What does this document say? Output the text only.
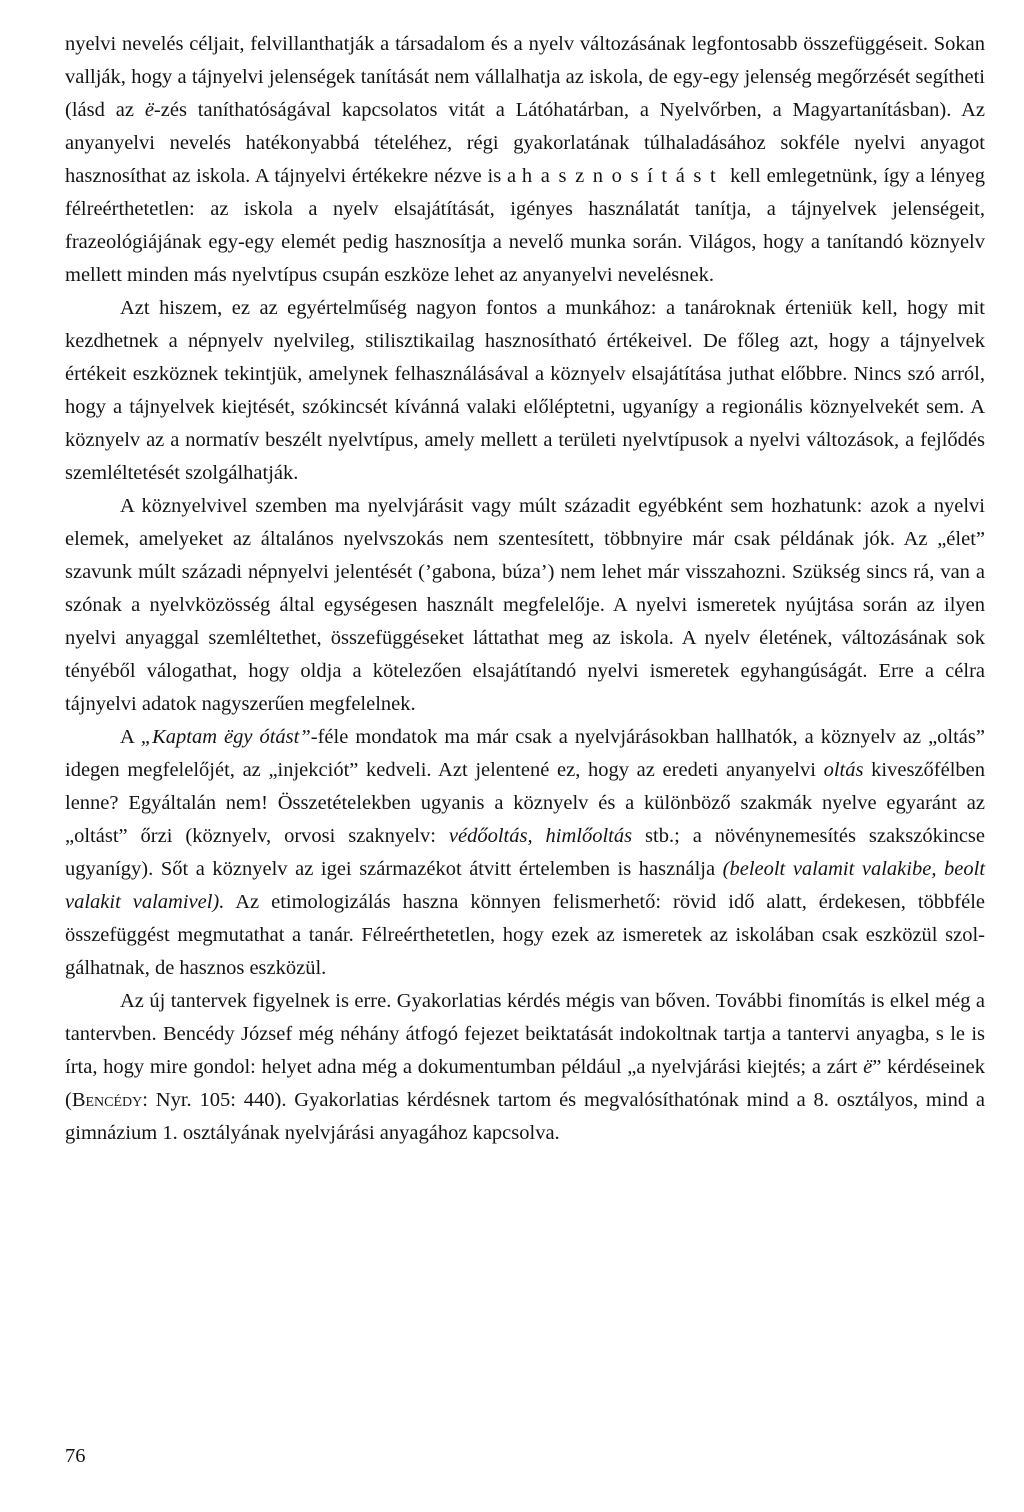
nyelvi nevelés céljait, felvillanthatják a társadalom és a nyelv változásának legfontosabb összefüggéseit. Sokan vallják, hogy a tájnyelvi jelenségek tanítását nem vállalhatja az iskola, de egy-egy jelenség megőrzését segítheti (lásd az ë-zés taníthatóságával kapcsolatos vitát a Látóhatárban, a Nyelvőrben, a Magyartanításban). Az anyanyelvi nevelés hatékonyabbá tételéhez, régi gyakorlatának túlhaladásához sokféle nyelvi anyagot hasznosíthat az iskola. A tájnyelvi értékekre nézve is a hasznosítást kell emlegetnünk, így a lényeg félreérthetetlen: az iskola a nyelv elsajátítását, igényes használatát tanítja, a tájnyelvek jelenségeit, frazeológiájának egy-egy elemét pedig hasznosítja a nevelő munka során. Világos, hogy a tanítandó köznyelv mellett minden más nyelvtípus csupán eszköze lehet az anyanyelvi nevelésnek.

Azt hiszem, ez az egyértelműség nagyon fontos a munkához: a tanároknak érteniük kell, hogy mit kezdhetnek a népnyelv nyelvileg, stilisztikailag hasznosítható értékeivel. De főleg azt, hogy a tájnyelvek értékeit eszköznek tekintjük, amelynek felhasználásával a köznyelv elsajátítása juthat előbbre. Nincs szó arról, hogy a tájnyelvek kiejtését, szókincsét kívánná valaki előléptetni, ugyanígy a regionális köznyelvekét sem. A köznyelv az a normatív beszélt nyelvtípus, amely mellett a területi nyelvtípusok a nyelvi változások, a fejlődés szemléltetését szolgálhatják.

A köznyelvivel szemben ma nyelvjárásit vagy múlt századit egyébként sem hozhatunk: azok a nyelvi elemek, amelyeket az általános nyelvszokás nem szentesített, többnyire már csak példának jók. Az „élet” szavunk múlt századi népnyelvi jelentését (’gabona, búza’) nem lehet már visszahozni. Szükség sincs rá, van a szónak a nyelvközösség által egységesen használt megfelelője. A nyelvi ismeretek nyújtása során az ilyen nyelvi anyaggal szemléltethet, összefüggéseket láttathat meg az iskola. A nyelv életének, változásának sok tényéből válogathat, hogy oldja a kötelezően elsajátítandó nyelvi ismeretek egyhangúságát. Erre a célra tájnyelvi adatok nagyszerűen megfelelnek.

A „Kaptam ëgy ótást”-féle mondatok ma már csak a nyelvjárásokban hallhatók, a köznyelv az „oltás” idegen megfelelőjét, az „injekciót” kedveli. Azt jelentené ez, hogy az eredeti anyanyelvi oltás kiveszőfélben lenne? Egyáltalán nem! Összetételekben ugyanis a köznyelv és a különböző szakmák nyelve egyaránt az „oltást” őrzi (köznyelv, orvosi szaknyelv: védőoltás, himlőoltás stb.; a növénynemesítés szakszókincse ugyanígy). Sőt a köznyelv az igei származékot átvitt értelemben is használja (beleolt valamit valakibe, beolt valakit valamivel). Az etimologizálás haszna könnyen felismerhető: rövid idő alatt, érdekesen, többféle összefüggést megmutathat a tanár. Félreérthetetlen, hogy ezek az ismeretek az iskolában csak eszközül szolgálhatnak, de hasznos eszközül.

Az új tantervek figyelnek is erre. Gyakorlatias kérdés mégis van bőven. További finomítás is elkel még a tantervben. Bencédy József még néhány átfogó fejezet beiktatását indokoltnak tartja a tantervi anyagba, s le is írta, hogy mire gondol: helyet adna még a dokumentumban például „a nyelvjárási kiejtés; a zárt ë” kérdéseinek (Bencédy: Nyr. 105: 440). Gyakorlatias kérdésnek tartom és megvalósíthatónak mind a 8. osztályos, mind a gimnázium 1. osztályának nyelvjárási anyagához kapcsolva.

76
